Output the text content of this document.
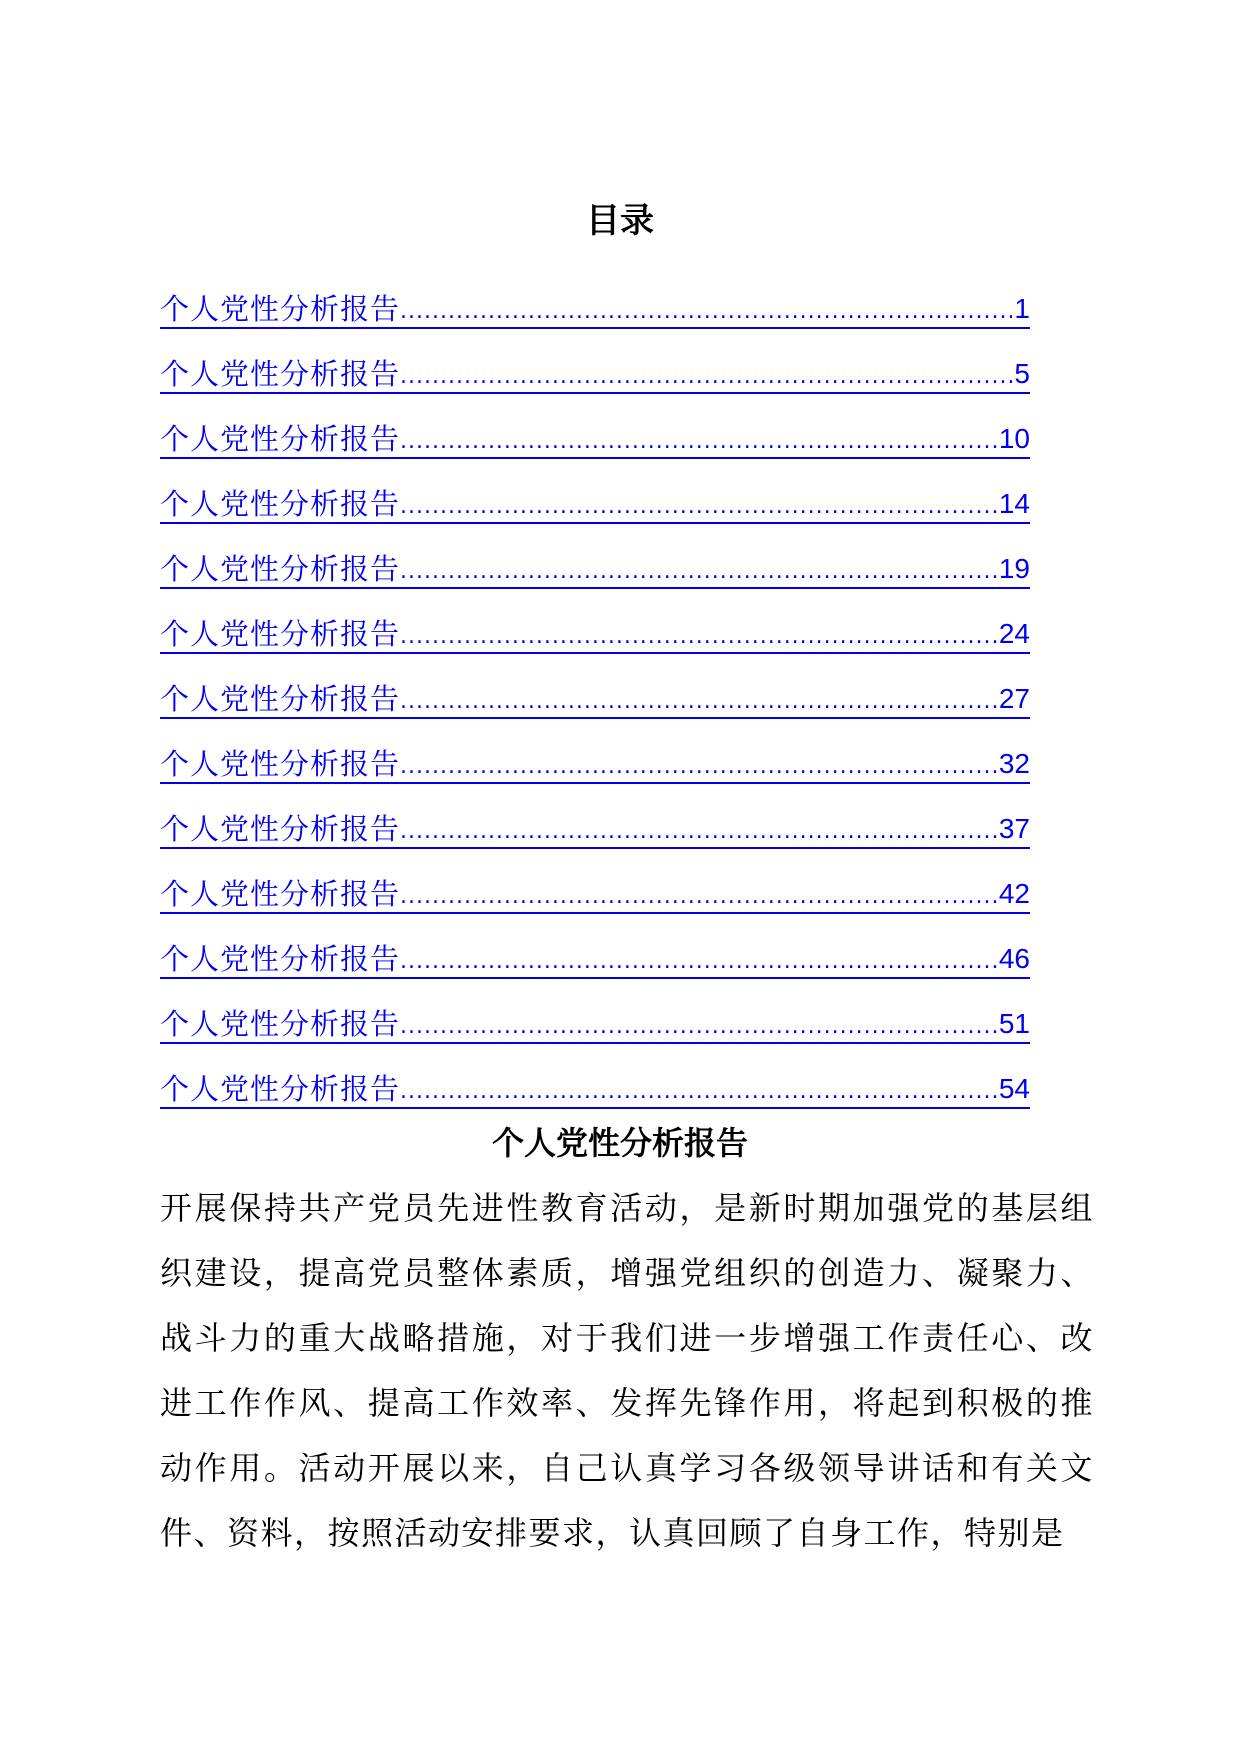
目录
个人党性分析报告 .....	1
个人党性分析报告 .....	5
个人党性分析报告 .....	10
个人党性分析报告 .....	14
个人党性分析报告 .....	19
个人党性分析报告 .....	24
个人党性分析报告 .....	27
个人党性分析报告 .....	32
个人党性分析报告 .....	37
个人党性分析报告 .....	42
个人党性分析报告 .....	46
个人党性分析报告 .....	51
个人党性分析报告 .....	54
个人党性分析报告

开展保持共产党员先进性教育活动，是新时期加强党的基层组织建设，提高党员整体素质，增强党组织的创造力、凝聚力、战斗力的重大战略措施，对于我们进一步增强工作责任心、改进工作作风、提高工作效率、发挥先锋作用，将起到积极的推动作用。活动开展以来，自己认真学习各级领导讲话和有关文件、资料，按照活动安排要求，认真回顾了自身工作，特别是
